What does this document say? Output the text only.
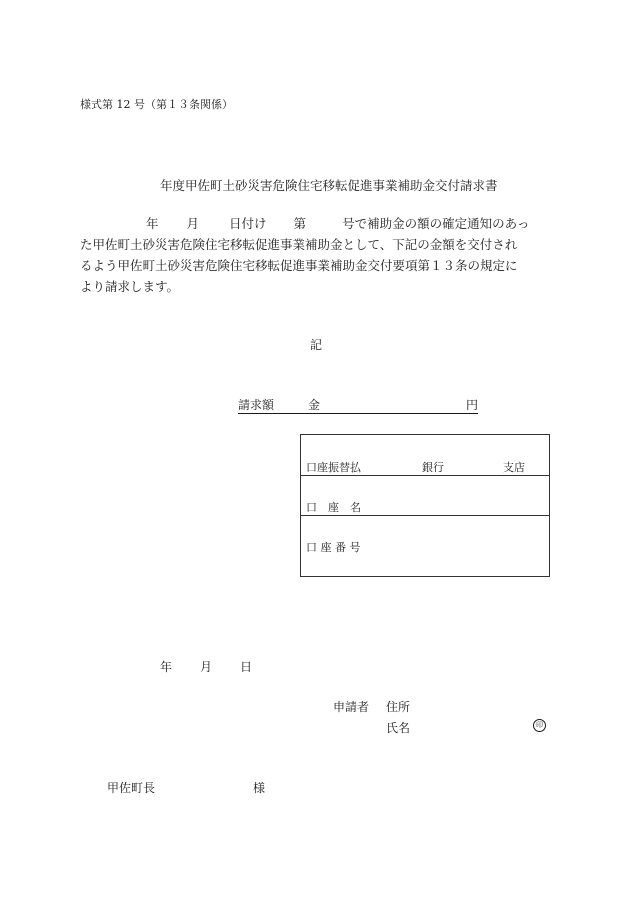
様式第 12 号（第１３条関係）
年度甲佐町土砂災害危険住宅移転促進事業補助金交付請求書
年 月 日付け 第	号で補助金の額の確定通知のあっ
た甲佐町土砂災害危険住宅移転促進事業補助金として、下記の金額を交付され
るよう甲佐町土砂災害危険住宅移転促進事業補助金交付要項第１３条の規定に
より請求します。
記
請求額	金	円
口座振替払	銀行	支店
口　座　名
口 座 番 号
年 月 日
申請者 住所
氏名	印
甲佐町長	様
